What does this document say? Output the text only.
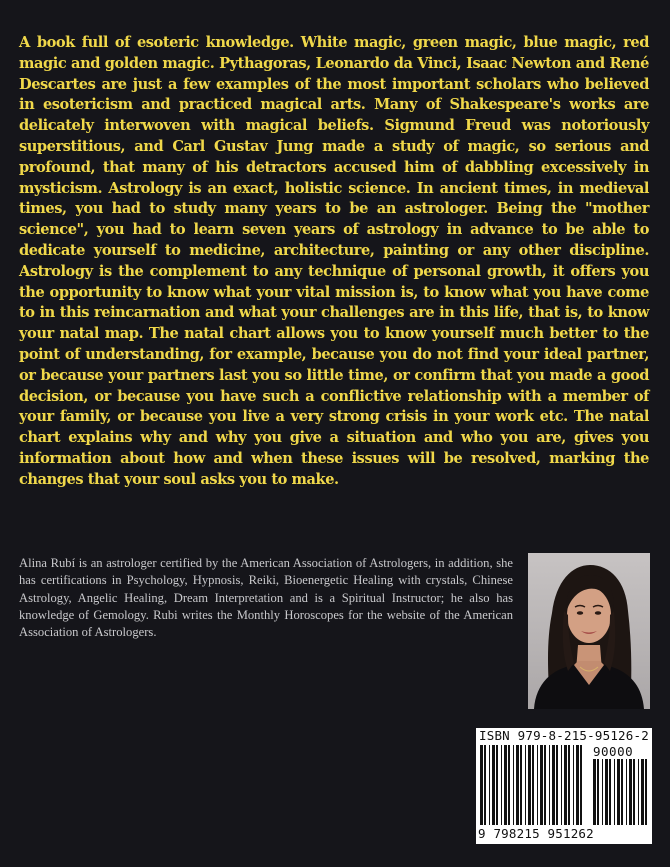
A book full of esoteric knowledge. White magic, green magic, blue magic, red magic and golden magic. Pythagoras, Leonardo da Vinci, Isaac Newton and René Descartes are just a few examples of the most important scholars who believed in esotericism and practiced magical arts. Many of Shakespeare's works are delicately interwoven with magical beliefs. Sigmund Freud was notoriously superstitious, and Carl Gustav Jung made a study of magic, so serious and profound, that many of his detractors accused him of dabbling excessively in mysticism. Astrology is an exact, holistic science. In ancient times, in medieval times, you had to study many years to be an astrologer. Being the "mother science", you had to learn seven years of astrology in advance to be able to dedicate yourself to medicine, architecture, painting or any other discipline. Astrology is the complement to any technique of personal growth, it offers you the opportunity to know what your vital mission is, to know what you have come to in this reincarnation and what your challenges are in this life, that is, to know your natal map. The natal chart allows you to know yourself much better to the point of understanding, for example, because you do not find your ideal partner, or because your partners last you so little time, or confirm that you made a good decision, or because you have such a conflictive relationship with a member of your family, or because you live a very strong crisis in your work etc. The natal chart explains why and why you give a situation and who you are, gives you information about how and when these issues will be resolved, marking the changes that your soul asks you to make.

Alina Rubí is an astrologer certified by the American Association of Astrologers, in addition, she has certifications in Psychology, Hypnosis, Reiki, Bioenergetic Healing with crystals, Chinese Astrology, Angelic Healing, Dream Interpretation and is a Spiritual Instructor; he also has knowledge of Gemology. Rubi writes the Monthly Horoscopes for the website of the American Association of Astrologers.

ISBN 979-8-215-95126-2
90000
9 798215 951262
